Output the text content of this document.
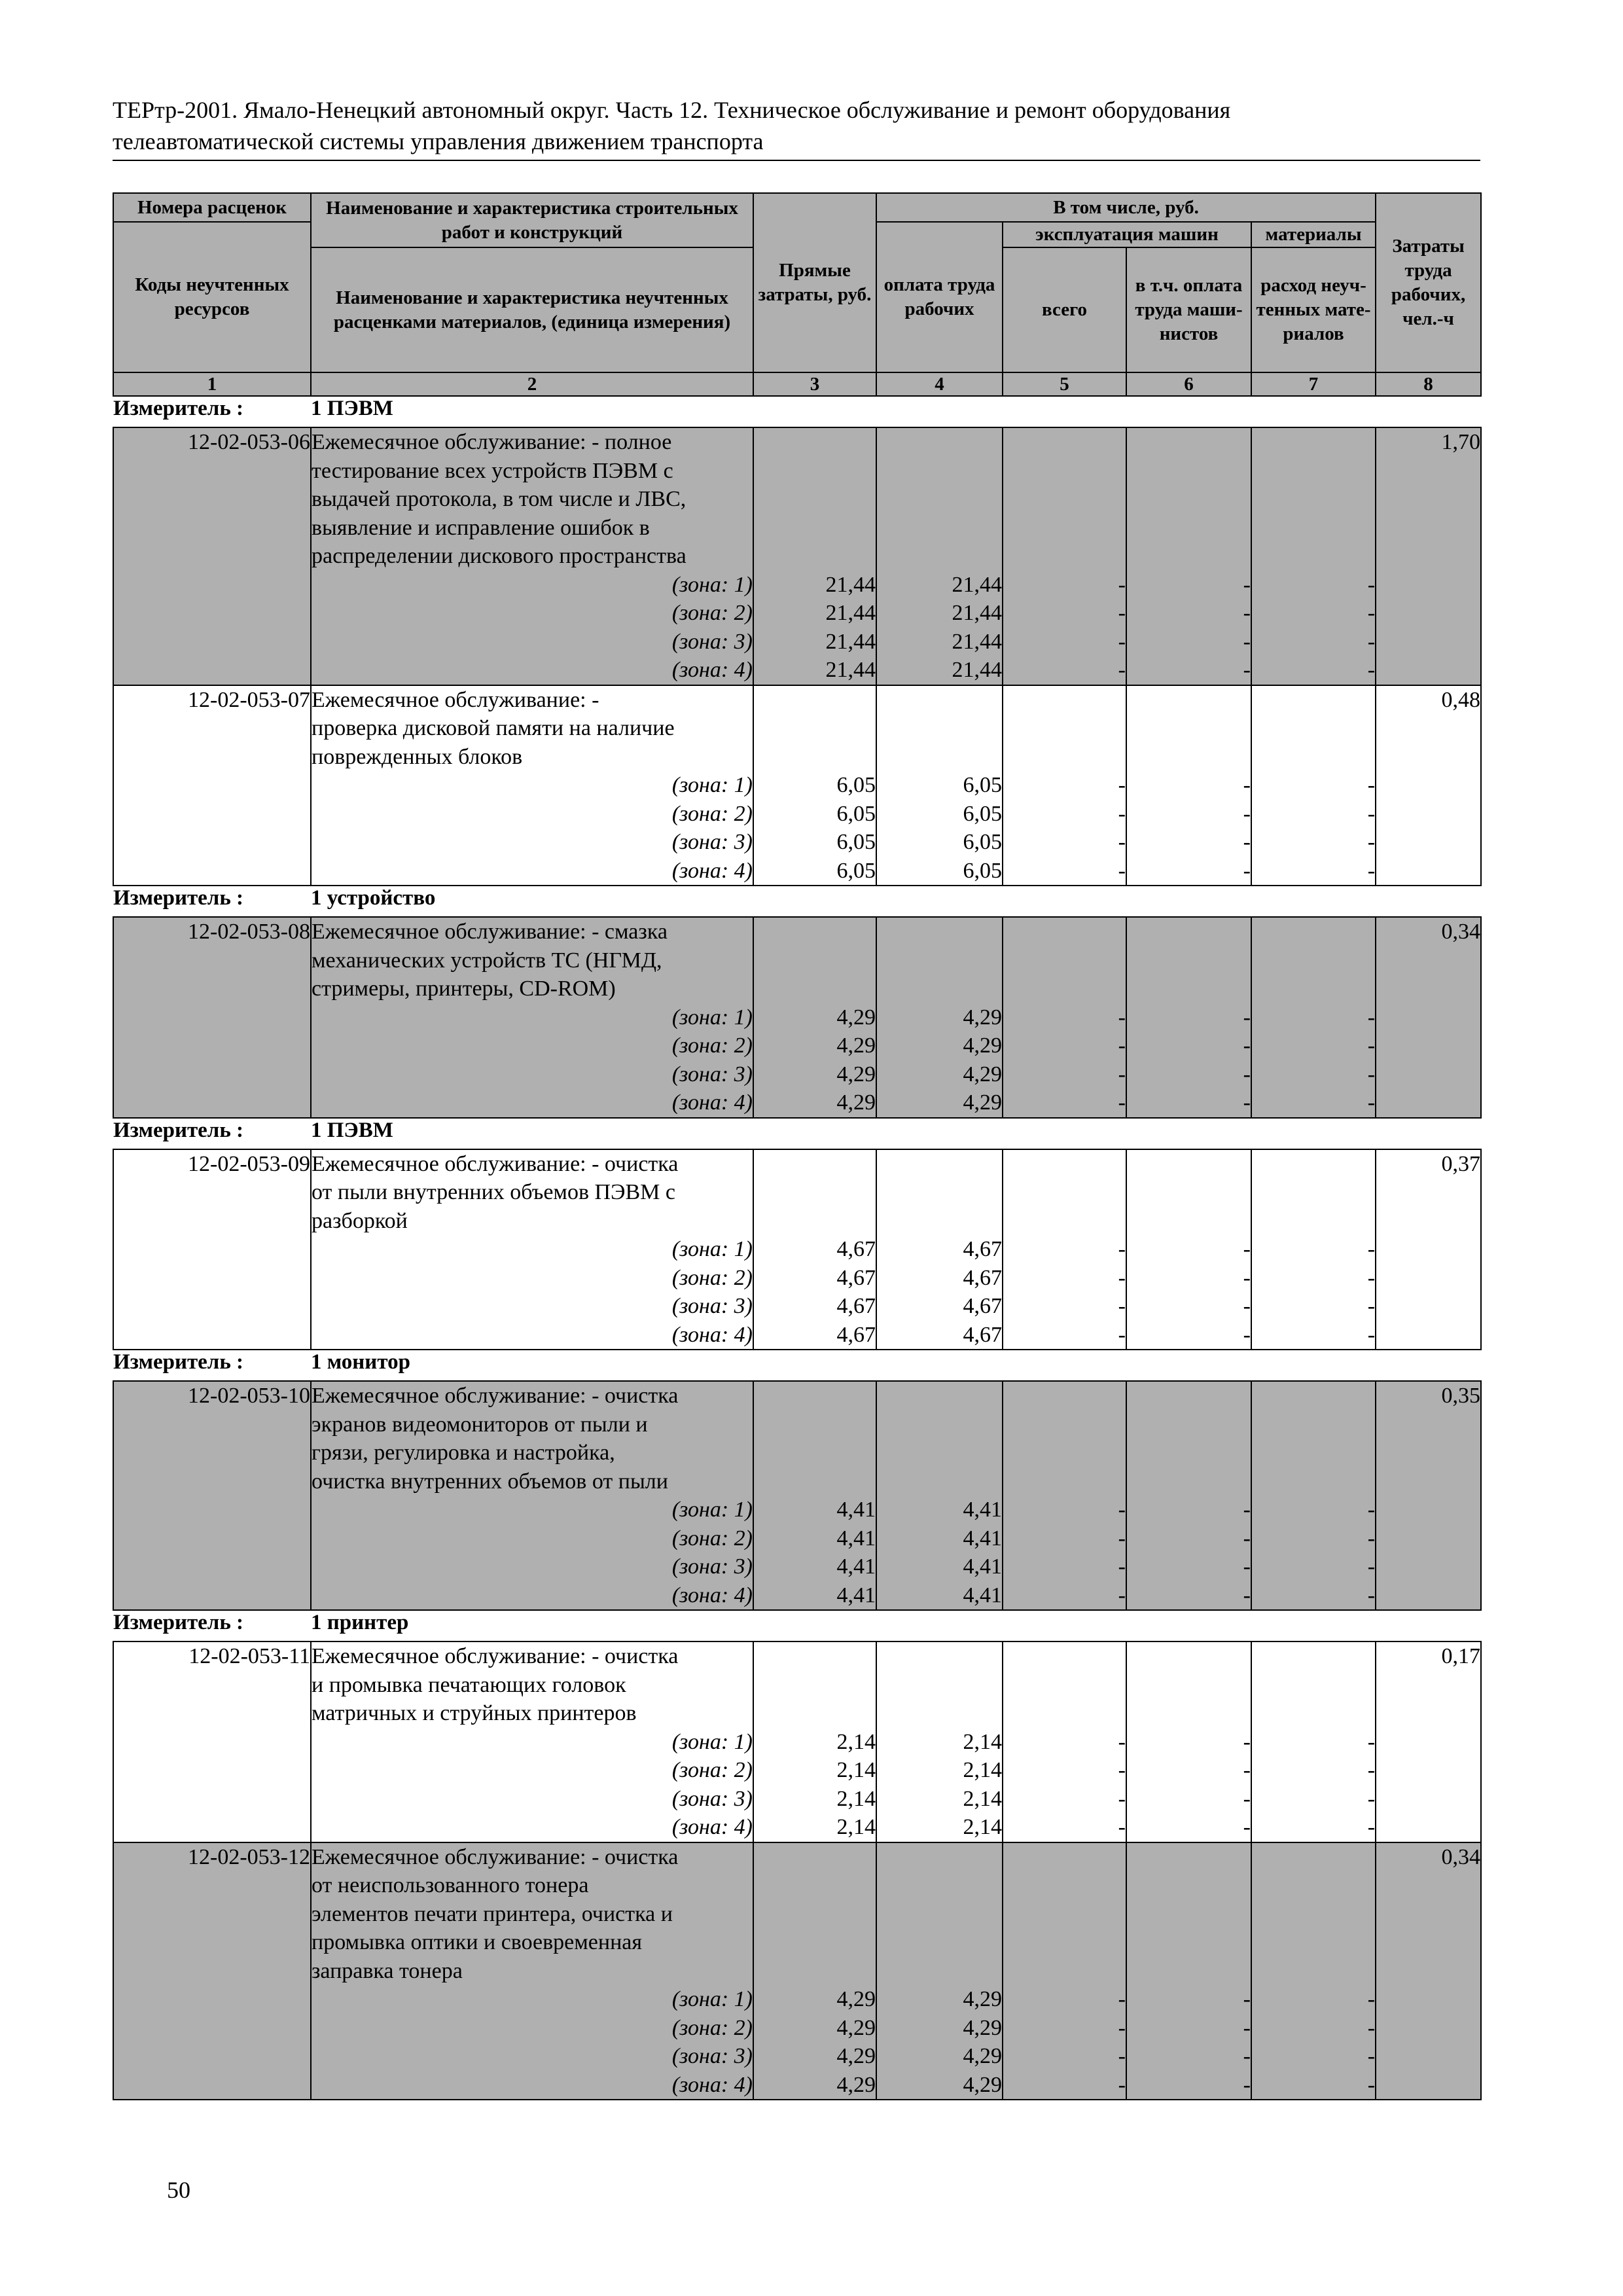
ТЕРтр-2001. Ямало-Ненецкий автономный округ. Часть 12. Техническое обслуживание и ремонт оборудования
телеавтоматической системы управления движением транспорта
Номера расценок	Наименование и характеристика строительных работ и конструкций	Прямые затраты, руб.	В том числе, руб.				Затраты труда рабочих, чел.-ч
Коды неучтенных ресурсов			оплата труда рабочих	эксплуатация машин		материалы	
	Наименование и характеристика неучтенных расценками материалов, (единица измерения)			всего	в т.ч. оплата труда маши- нистов	расход неуч- тенных мате- риалов	

1	2	3	4	5	6	7	8
Измеритель :	1 ПЭВМ						
12-02-053-06	Ежемесячное обслуживание: - полное						1,70
	тестирование всех устройств ПЭВМ с						
	выдачей протокола, в том числе и ЛВС,						
	выявление и исправление ошибок в						
	распределении дискового пространства						
	(зона: 1)	21,44	21,44	-	-	-	
	(зона: 2)	21,44	21,44	-	-	-	
	(зона: 3)	21,44	21,44	-	-	-	
	(зона: 4)	21,44	21,44	-	-	-	
12-02-053-07	Ежемесячное обслуживание: -						0,48
	проверка дисковой памяти на наличие						
	поврежденных блоков						
	(зона: 1)	6,05	6,05	-	-	-	
	(зона: 2)	6,05	6,05	-	-	-	
	(зона: 3)	6,05	6,05	-	-	-	
	(зона: 4)	6,05	6,05	-	-	-	
Измеритель :	1 устройство						
12-02-053-08	Ежемесячное обслуживание: - смазка						0,34
	механических устройств ТС (НГМД,						
	стримеры, принтеры, CD-ROM)						
	(зона: 1)	4,29	4,29	-	-	-	
	(зона: 2)	4,29	4,29	-	-	-	
	(зона: 3)	4,29	4,29	-	-	-	
	(зона: 4)	4,29	4,29	-	-	-	
Измеритель :	1 ПЭВМ						
12-02-053-09	Ежемесячное обслуживание: - очистка						0,37
	от пыли внутренних объемов ПЭВМ с						
	разборкой						
	(зона: 1)	4,67	4,67	-	-	-	
	(зона: 2)	4,67	4,67	-	-	-	
	(зона: 3)	4,67	4,67	-	-	-	
	(зона: 4)	4,67	4,67	-	-	-	
Измеритель :	1 монитор						
12-02-053-10	Ежемесячное обслуживание: - очистка						0,35
	экранов видеомониторов от пыли и						
	грязи, регулировка и настройка,						
	очистка внутренних объемов от пыли						
	(зона: 1)	4,41	4,41	-	-	-	
	(зона: 2)	4,41	4,41	-	-	-	
	(зона: 3)	4,41	4,41	-	-	-	
	(зона: 4)	4,41	4,41	-	-	-	
Измеритель :	1 принтер						
12-02-053-11	Ежемесячное обслуживание: - очистка						0,17
	и промывка печатающих головок						
	матричных и струйных принтеров						
	(зона: 1)	2,14	2,14	-	-	-	
	(зона: 2)	2,14	2,14	-	-	-	
	(зона: 3)	2,14	2,14	-	-	-	
	(зона: 4)	2,14	2,14	-	-	-	
12-02-053-12	Ежемесячное обслуживание: - очистка						0,34
	от неиспользованного тонера						
	элементов печати принтера, очистка и						
	промывка оптики и своевременная						
	заправка тонера						
	(зона: 1)	4,29	4,29	-	-	-	
	(зона: 2)	4,29	4,29	-	-	-	
	(зона: 3)	4,29	4,29	-	-	-	
	(зона: 4)	4,29	4,29	-	-	-	
50
